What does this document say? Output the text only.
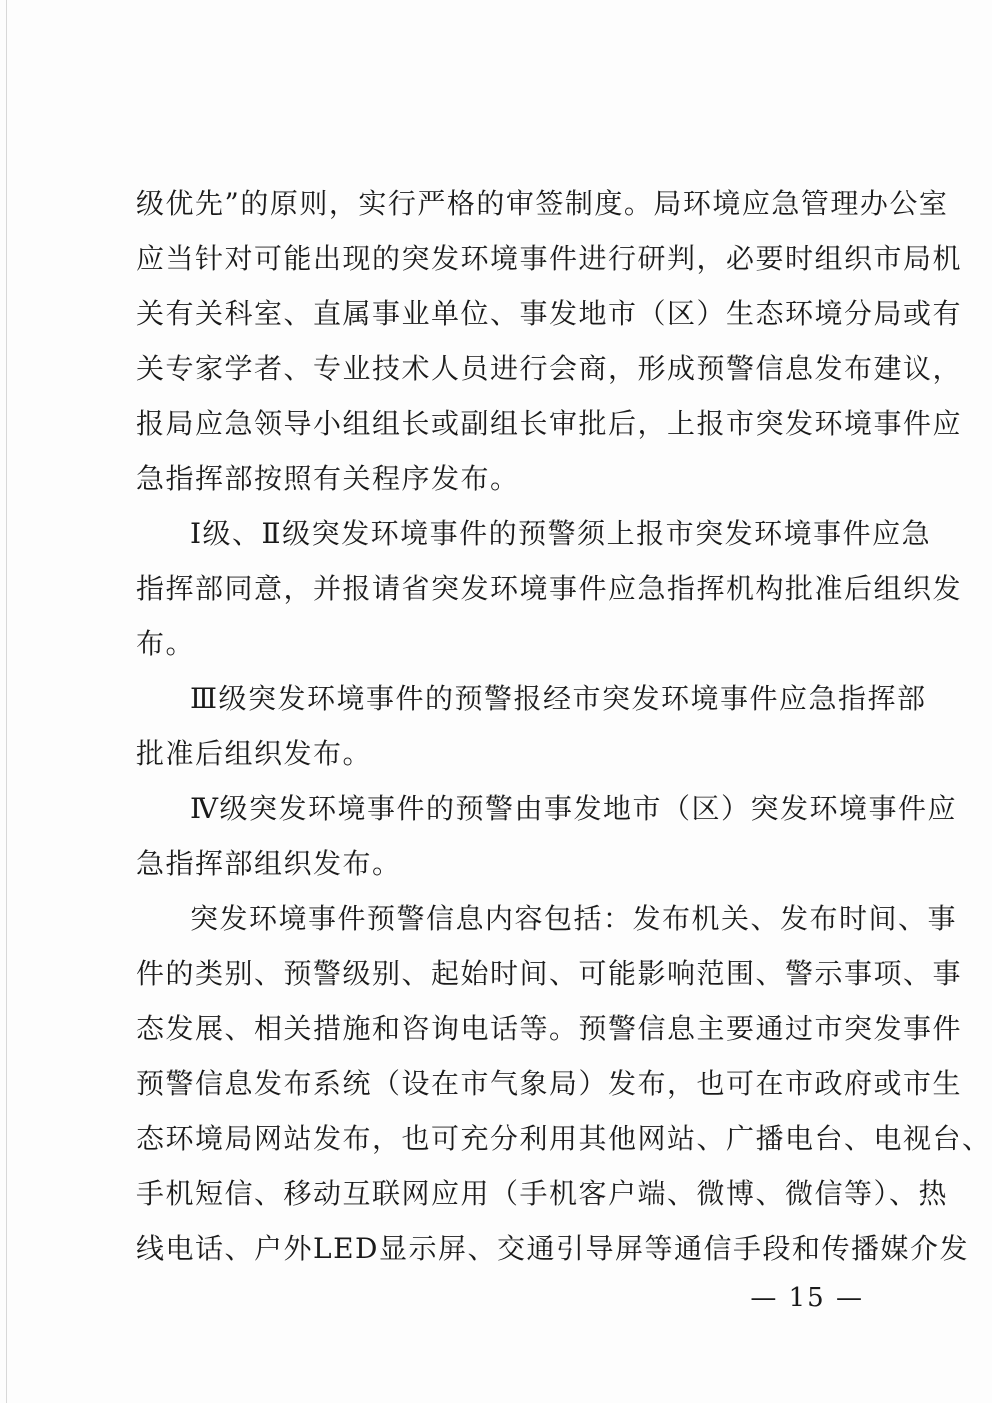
级优先”的原则，实行严格的审签制度。局环境应急管理办公室
应当针对可能出现的突发环境事件进行研判，必要时组织市局机
关有关科室、直属事业单位、事发地市（区）生态环境分局或有
关专家学者、专业技术人员进行会商，形成预警信息发布建议，
报局应急领导小组组长或副组长审批后，上报市突发环境事件应
急指挥部按照有关程序发布。
Ⅰ级、Ⅱ级突发环境事件的预警须上报市突发环境事件应急
指挥部同意，并报请省突发环境事件应急指挥机构批准后组织发
布。
Ⅲ级突发环境事件的预警报经市突发环境事件应急指挥部
批准后组织发布。
Ⅳ级突发环境事件的预警由事发地市（区）突发环境事件应
急指挥部组织发布。
突发环境事件预警信息内容包括：发布机关、发布时间、事
件的类别、预警级别、起始时间、可能影响范围、警示事项、事
态发展、相关措施和咨询电话等。预警信息主要通过市突发事件
预警信息发布系统（设在市气象局）发布，也可在市政府或市生
态环境局网站发布，也可充分利用其他网站、广播电台、电视台、
手机短信、移动互联网应用（手机客户端、微博、微信等）、热
线电话、户外LED显示屏、交通引导屏等通信手段和传播媒介发
— 15 —
